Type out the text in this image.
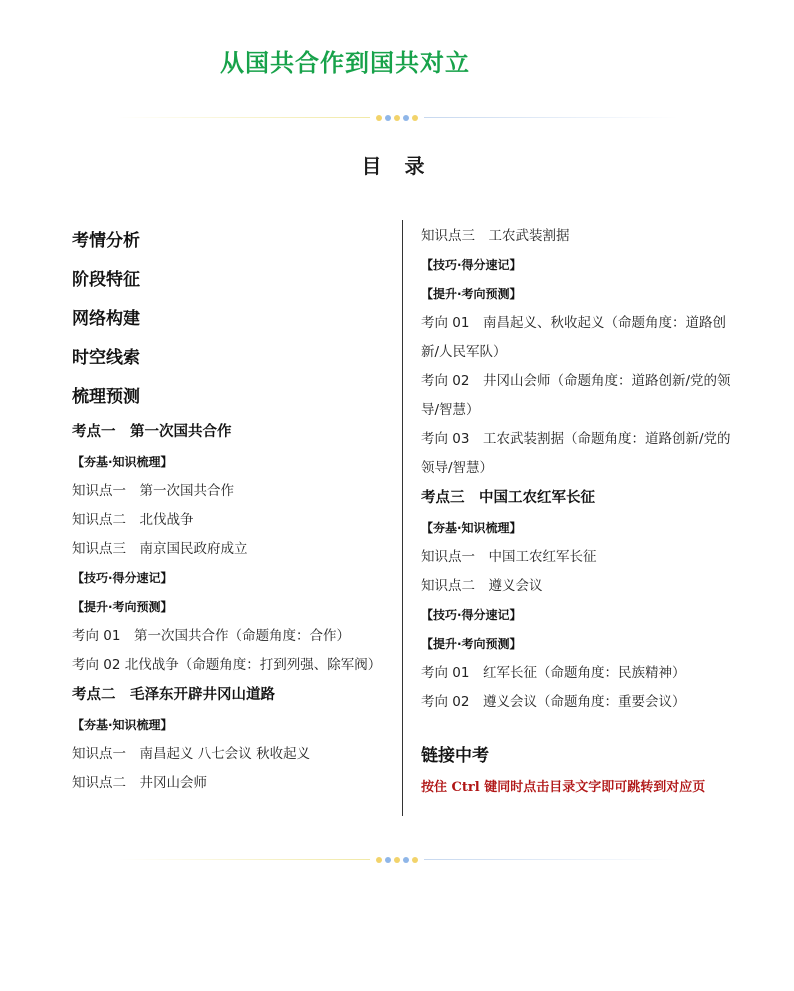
从国共合作到国共对立
目 录
考情分析
阶段特征
网络构建
时空线索
梳理预测
考点一　第一次国共合作
【夯基·知识梳理】
知识点一　第一次国共合作
知识点二　北伐战争
知识点三　南京国民政府成立
【技巧·得分速记】
【提升·考向预测】
考向 01　第一次国共合作（命题角度：合作）
考向 02 北伐战争（命题角度：打到列强、除军阀）
考点二　毛泽东开辟井冈山道路
【夯基·知识梳理】
知识点一　南昌起义 八七会议 秋收起义
知识点二　井冈山会师
知识点三　工农武装割据
【技巧·得分速记】
【提升·考向预测】
考向 01　南昌起义、秋收起义（命题角度：道路创新/人民军队）
考向 02　井冈山会师（命题角度：道路创新/党的领导/智慧）
考向 03　工农武装割据（命题角度：道路创新/党的领导/智慧）
考点三　中国工农红军长征
【夯基·知识梳理】
知识点一　中国工农红军长征
知识点二　遵义会议
【技巧·得分速记】
【提升·考向预测】
考向 01　红军长征（命题角度：民族精神）
考向 02　遵义会议（命题角度：重要会议）
链接中考
按住 Ctrl 键同时点击目录文字即可跳转到对应页
